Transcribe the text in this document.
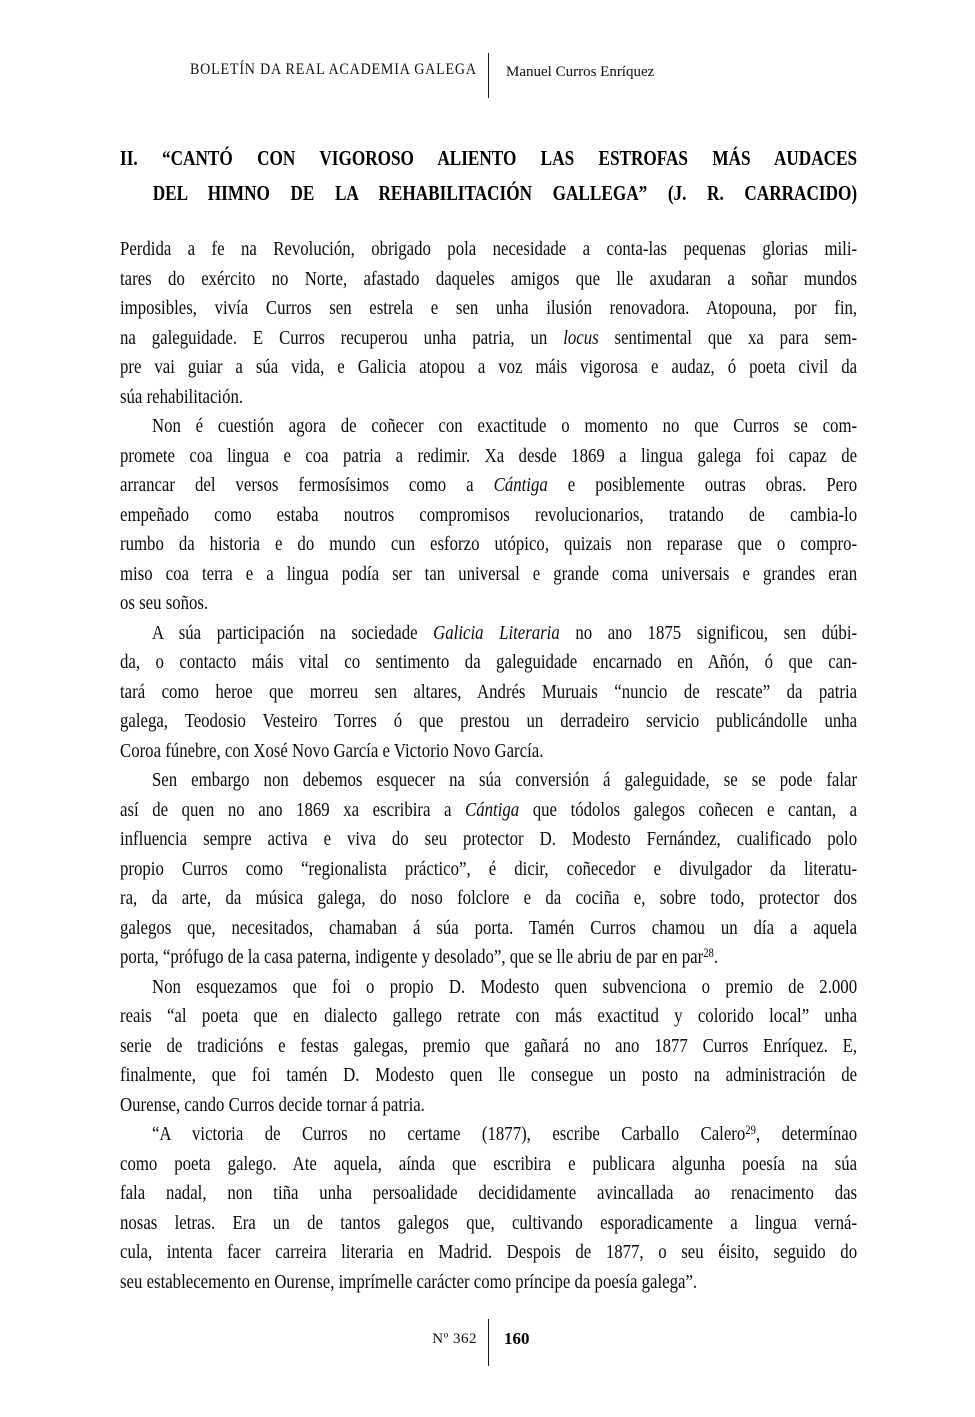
BOLETÍN DA REAL ACADEMIA GALEGA Manuel Curros Enríquez
II. “CANTÓ CON VIGOROSO ALIENTO LAS ESTROFAS MÁS AUDACES
DEL HIMNO DE LA REHABILITACIÓN GALLEGA” (J. R. CARRACIDO)
Perdida a fe na Revolución, obrigado pola necesidade a conta-las pequenas glorias mili-
tares do exército no Norte, afastado daqueles amigos que lle axudaran a soñar mundos
imposibles, vivía Curros sen estrela e sen unha ilusión renovadora. Atopouna, por fin,
na galeguidade. E Curros recuperou unha patria, un locus sentimental que xa para sem-
pre vai guiar a súa vida, e Galicia atopou a voz máis vigorosa e audaz, ó poeta civil da
súa rehabilitación.
Non é cuestión agora de coñecer con exactitude o momento no que Curros se com-
promete coa lingua e coa patria a redimir. Xa desde 1869 a lingua galega foi capaz de
arrancar del versos fermosísimos como a Cántiga e posiblemente outras obras. Pero
empeñado como estaba noutros compromisos revolucionarios, tratando de cambia-lo
rumbo da historia e do mundo cun esforzo utópico, quizais non reparase que o compro-
miso coa terra e a lingua podía ser tan universal e grande coma universais e grandes eran
os seu soños.
A súa participación na sociedade Galicia Literaria no ano 1875 significou, sen dúbi-
da, o contacto máis vital co sentimento da galeguidade encarnado en Añón, ó que can-
tará como heroe que morreu sen altares, Andrés Muruais “nuncio de rescate” da patria
galega, Teodosio Vesteiro Torres ó que prestou un derradeiro servicio publicándolle unha
Coroa fúnebre, con Xosé Novo García e Victorio Novo García.
Sen embargo non debemos esquecer na súa conversión á galeguidade, se se pode falar
así de quen no ano 1869 xa escribira a Cántiga que tódolos galegos coñecen e cantan, a
influencia sempre activa e viva do seu protector D. Modesto Fernández, cualificado polo
propio Curros como “regionalista práctico”, é dicir, coñecedor e divulgador da literatu-
ra, da arte, da música galega, do noso folclore e da cociña e, sobre todo, protector dos
galegos que, necesitados, chamaban á súa porta. Tamén Curros chamou un día a aquela
porta, “prófugo de la casa paterna, indigente y desolado”, que se lle abriu de par en par$^{28}$.
Non esquezamos que foi o propio D. Modesto quen subvenciona o premio de 2.000
reais “al poeta que en dialecto gallego retrate con más exactitud y colorido local” unha
serie de tradicións e festas galegas, premio que gañará no ano 1877 Curros Enríquez. E,
finalmente, que foi tamén D. Modesto quen lle consegue un posto na administración de
Ourense, cando Curros decide tornar á patria.
“A victoria de Curros no certame (1877), escribe Carballo Calero$^{29}$, determínao
como poeta galego. Ate aquela, aínda que escribira e publicara algunha poesía na súa
fala nadal, non tiña unha persoalidade decididamente avincallada ao renacimento das
nosas letras. Era un de tantos galegos que, cultivando esporadicamente a lingua verná-
cula, intenta facer carreira literaria en Madrid. Despois de 1877, o seu éisito, seguido do
seu establecemento en Ourense, imprímelle carácter como príncipe da poesía galega”.
Nº 362 160
